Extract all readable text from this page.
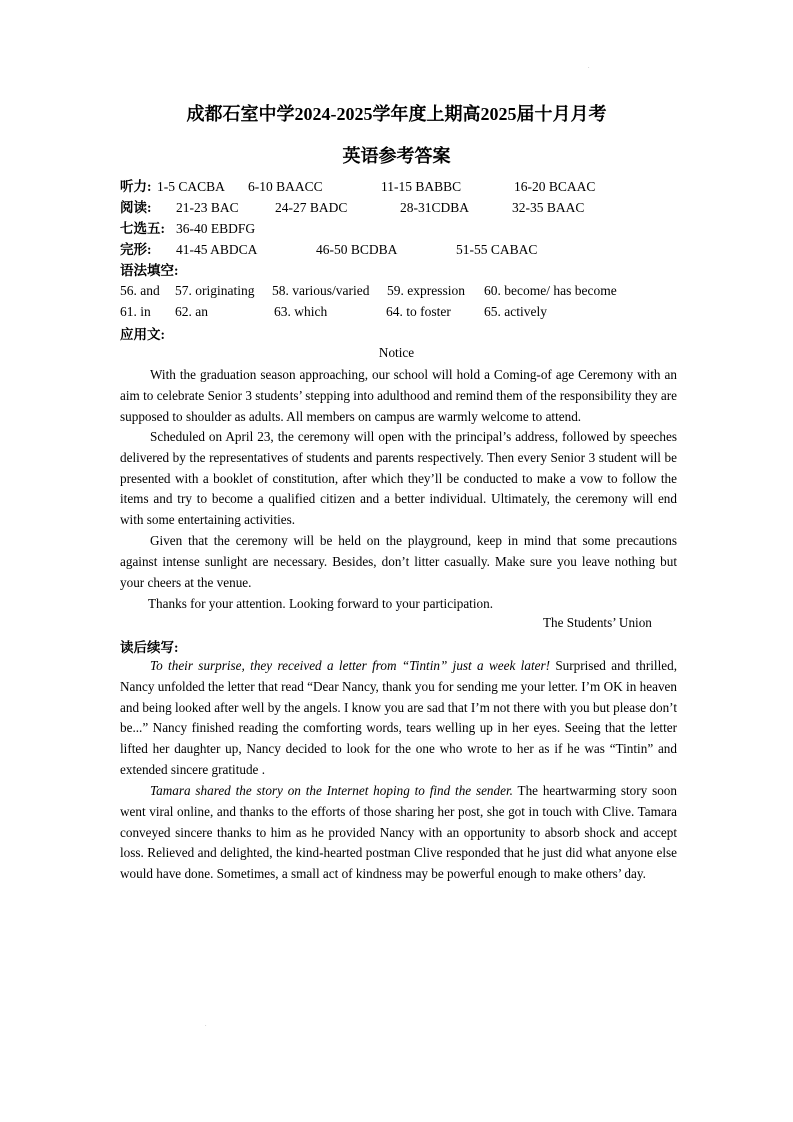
成都石室中学2024-2025学年度上期高2025届十月月考
英语参考答案
听力: 1-5 CACBA 6-10 BAACC	11-15 BABBC	16-20 BCAAC
阅读: 21-23 BAC	24-27 BADC	28-31CDBA	32-35 BAAC
七选五: 36-40 EBDFG
完形: 41-45 ABDCA	46-50 BCDBA	51-55 CABAC
语法填空:
56. and 57. originating 58. various/varied 59. expression 60. become/ has become
61. in 62. an	63. which	64. to foster 65. actively
应用文:
Notice

With the graduation season approaching, our school will hold a Coming-of age Ceremony with an aim to celebrate Senior 3 students’ stepping into adulthood and remind them of the responsibility they are supposed to shoulder as adults. All members on campus are warmly welcome to attend.

Scheduled on April 23, the ceremony will open with the principal’s address, followed by speeches delivered by the representatives of students and parents respectively. Then every Senior 3 student will be presented with a booklet of constitution, after which they’ll be conducted to make a vow to follow the items and try to become a qualified citizen and a better individual. Ultimately, the ceremony will end with some entertaining activities.

Given that the ceremony will be held on the playground, keep in mind that some precautions against intense sunlight are necessary. Besides, don’t litter casually. Make sure you leave nothing but your cheers at the venue.

Thanks for your attention. Looking forward to your participation.

The Students’ Union
读后续写:

To their surprise, they received a letter from “Tintin” just a week later! Surprised and thrilled, Nancy unfolded the letter that read “Dear Nancy, thank you for sending me your letter. I’m OK in heaven and being looked after well by the angels. I know you are sad that I’m not there with you but please don’t be...” Nancy finished reading the comforting words, tears welling up in her eyes. Seeing that the letter lifted her daughter up, Nancy decided to look for the one who wrote to her as if he was “Tintin” and extended sincere gratitude .

Tamara shared the story on the Internet hoping to find the sender. The heartwarming story soon went viral online, and thanks to the efforts of those sharing her post, she got in touch with Clive. Tamara conveyed sincere thanks to him as he provided Nancy with an opportunity to absorb shock and accept loss. Relieved and delighted, the kind-hearted postman Clive responded that he just did what anyone else would have done. Sometimes, a small act of kindness may be powerful enough to make others’ day.

.
.
